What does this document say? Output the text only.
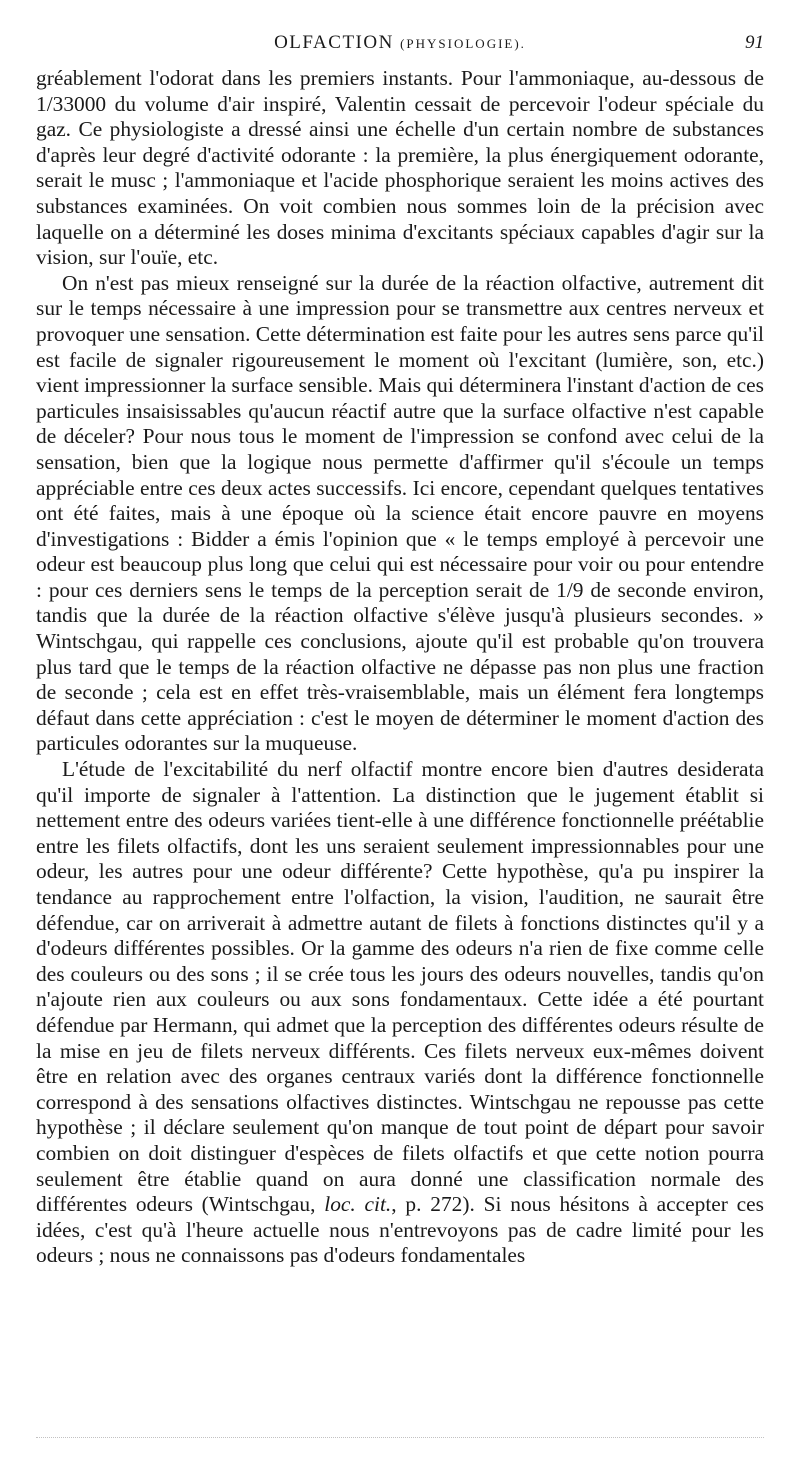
OLFACTION (PHYSIOLOGIE).	91

gréablement l'odorat dans les premiers instants. Pour l'ammoniaque, au-dessous de 1/33000 du volume d'air inspiré, Valentin cessait de percevoir l'odeur spéciale du gaz. Ce physiologiste a dressé ainsi une échelle d'un certain nombre de substances d'après leur degré d'activité odorante : la première, la plus énergiquement odorante, serait le musc ; l'ammoniaque et l'acide phosphorique seraient les moins actives des substances examinées. On voit combien nous sommes loin de la précision avec laquelle on a déterminé les doses minima d'excitants spéciaux capables d'agir sur la vision, sur l'ouïe, etc.

On n'est pas mieux renseigné sur la durée de la réaction olfactive, autrement dit sur le temps nécessaire à une impression pour se transmettre aux centres nerveux et provoquer une sensation. Cette détermination est faite pour les autres sens parce qu'il est facile de signaler rigoureusement le moment où l'excitant (lumière, son, etc.) vient impressionner la surface sensible. Mais qui déterminera l'instant d'action de ces particules insaisissables qu'aucun réactif autre que la surface olfactive n'est capable de déceler? Pour nous tous le moment de l'impression se confond avec celui de la sensation, bien que la logique nous permette d'affirmer qu'il s'écoule un temps appréciable entre ces deux actes successifs. Ici encore, cependant quelques tentatives ont été faites, mais à une époque où la science était encore pauvre en moyens d'investigations : Bidder a émis l'opinion que « le temps employé à percevoir une odeur est beaucoup plus long que celui qui est nécessaire pour voir ou pour entendre : pour ces derniers sens le temps de la perception serait de 1/9 de seconde environ, tandis que la durée de la réaction olfactive s'élève jusqu'à plusieurs secondes. » Wintschgau, qui rappelle ces conclusions, ajoute qu'il est probable qu'on trouvera plus tard que le temps de la réaction olfactive ne dépasse pas non plus une fraction de seconde ; cela est en effet très-vraisemblable, mais un élément fera longtemps défaut dans cette appréciation : c'est le moyen de déterminer le moment d'action des particules odorantes sur la muqueuse.

L'étude de l'excitabilité du nerf olfactif montre encore bien d'autres desiderata qu'il importe de signaler à l'attention. La distinction que le jugement établit si nettement entre des odeurs variées tient-elle à une différence fonctionnelle préétablie entre les filets olfactifs, dont les uns seraient seulement impressionnables pour une odeur, les autres pour une odeur différente? Cette hypothèse, qu'a pu inspirer la tendance au rapprochement entre l'olfaction, la vision, l'audition, ne saurait être défendue, car on arriverait à admettre autant de filets à fonctions distinctes qu'il y a d'odeurs différentes possibles. Or la gamme des odeurs n'a rien de fixe comme celle des couleurs ou des sons ; il se crée tous les jours des odeurs nouvelles, tandis qu'on n'ajoute rien aux couleurs ou aux sons fondamentaux. Cette idée a été pourtant défendue par Hermann, qui admet que la perception des différentes odeurs résulte de la mise en jeu de filets nerveux différents. Ces filets nerveux eux-mêmes doivent être en relation avec des organes centraux variés dont la différence fonctionnelle correspond à des sensations olfactives distinctes. Wintschgau ne repousse pas cette hypothèse ; il déclare seulement qu'on manque de tout point de départ pour savoir combien on doit distinguer d'espèces de filets olfactifs et que cette notion pourra seulement être établie quand on aura donné une classification normale des différentes odeurs (Wintschgau, loc. cit., p. 272). Si nous hésitons à accepter ces idées, c'est qu'à l'heure actuelle nous n'entrevoyons pas de cadre limité pour les odeurs ; nous ne connaissons pas d'odeurs fondamentales
